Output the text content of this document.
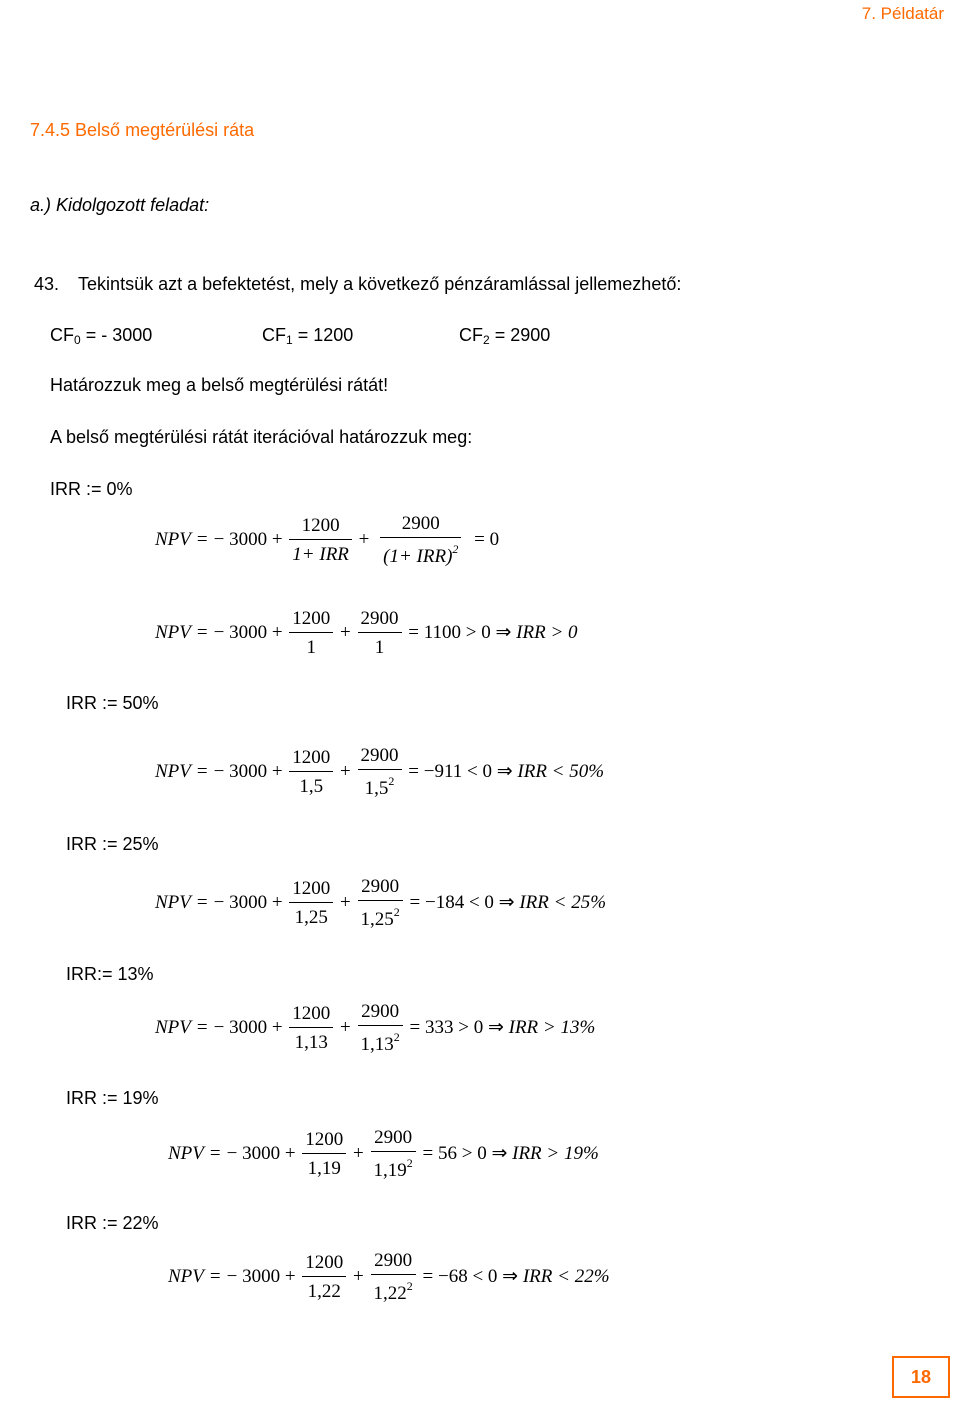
7. Példatár
7.4.5 Belső megtérülési ráta
a.) Kidolgozott feladat:
43. Tekintsük azt a befektetést, mely a következő pénzáramlással jellemezhető:
$CF_0$ = - 3000	$CF_1 = 1200$	$CF_2 = 2900$
Határozzuk meg a belső megtérülési rátát!
A belső megtérülési rátát iterációval határozzuk meg:
IRR := 0%
NPV = − $3000 + \frac{1200}{\text{1+ IRR}} + \frac{2900}{(1+ IRR)^2} = 0$
NPV = − $3000 + \frac{1200}{1} + \frac{2900}{1} = 1100 > 0$ ⇒ IRR > 0
IRR := 50%
NPV = − $3000 + \frac{1200}{1,5} + \frac{2900}{1,5^2} = -911 < 0$ ⇒ IRR < 50%
IRR := 25%
NPV = − $3000 + \frac{1200}{1,25} + \frac{2900}{1,25^2} = -184 < 0$ ⇒ IRR < 25%
IRR:= 13%
NPV = − $3000 + \frac{1200}{1,13} + \frac{2900}{1,13^2} = 333 > 0$ ⇒ IRR > 13%
IRR := 19%
NPV = − $3000 + \frac{1200}{1,19} + \frac{2900}{1,19^2} = 56 > 0$ ⇒ IRR > 19%
IRR := 22%
NPV = − $3000 + \frac{1200}{1,22} + \frac{2900}{1,22^2} = -68 < 0$ ⇒ IRR < 22%
18
